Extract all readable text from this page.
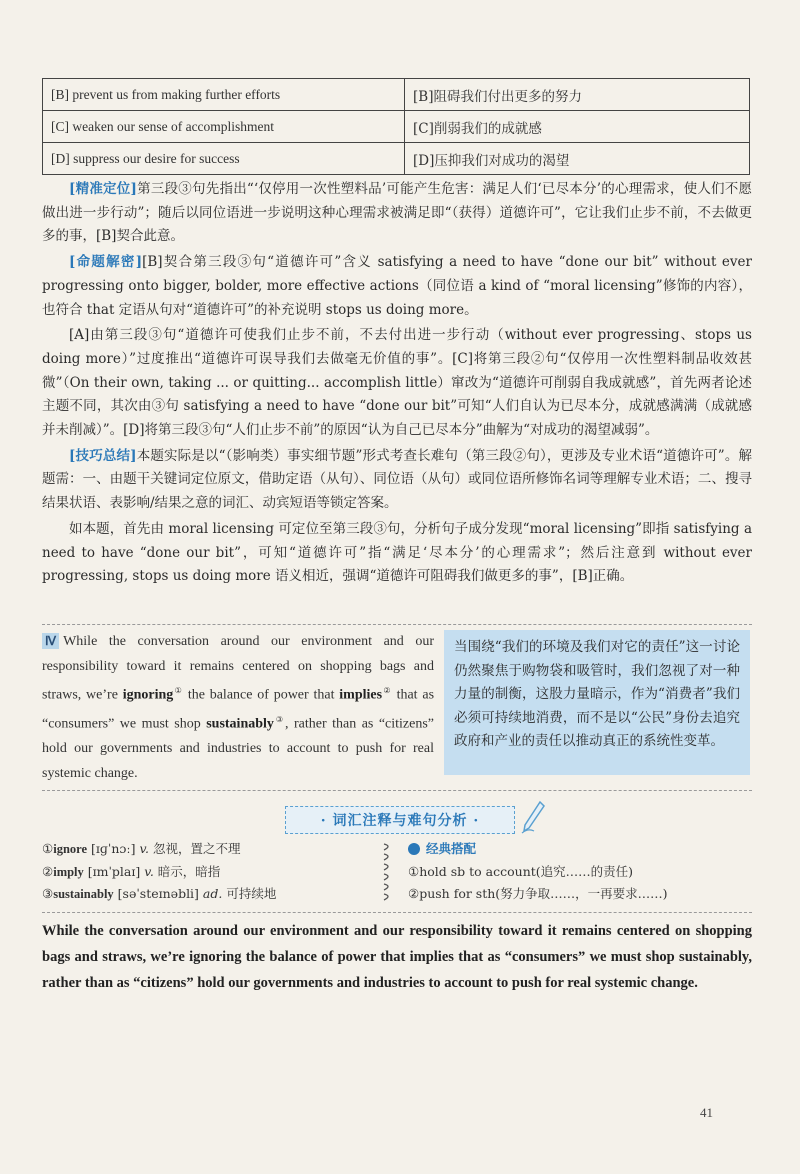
[B] prevent us from making further efforts	[B]阻碍我们付出更多的努力
[C] weaken our sense of accomplishment	[C]削弱我们的成就感
[D] suppress our desire for success	[D]压抑我们对成功的渴望

[精准定位]第三段③句先指出“‘仅停用一次性塑料品’可能产生危害：满足人们‘已尽本分’的心理需求，使人们不愿做出进一步行动”；随后以同位语进一步说明这种心理需求被满足即“（获得）道德许可”，它让我们止步不前，不去做更多的事，[B]契合此意。

[命题解密][B]契合第三段③句“道德许可”含义 satisfying a need to have “done our bit” without ever progressing onto bigger, bolder, more effective actions（同位语 a kind of “moral licensing”修饰的内容），也符合 that 定语从句对“道德许可”的补充说明 stops us doing more。

[A]由第三段③句“道德许可使我们止步不前，不去付出进一步行动（without ever progressing、stops us doing more）”过度推出“道德许可误导我们去做毫无价值的事”。[C]将第三段②句“仅停用一次性塑料制品收效甚微”（On their own, taking ... or quitting... accomplish little）窜改为“道德许可削弱自我成就感”，首先两者论述主题不同，其次由③句 satisfying a need to have “done our bit”可知“人们自认为已尽本分，成就感满满（成就感并未削减）”。[D]将第三段③句“人们止步不前”的原因“认为自己已尽本分”曲解为“对成功的渴望减弱”。

[技巧总结]本题实际是以“（影响类）事实细节题”形式考查长难句（第三段②句），更涉及专业术语“道德许可”。解题需：一、由题干关键词定位原文，借助定语（从句）、同位语（从句）或同位语所修饰名词等理解专业术语；二、搜寻结果状语、表影响/结果之意的词汇、动宾短语等锁定答案。

如本题，首先由 moral licensing 可定位至第三段③句，分析句子成分发现“moral licensing”即指 satisfying a need to have “done our bit”，可知“道德许可”指“满足‘尽本分’的心理需求”；然后注意到 without ever progressing, stops us doing more 语义相近，强调“道德许可阻碍我们做更多的事”，[B]正确。

Ⅳ While the conversation around our environment and our responsibility toward it remains centered on shopping bags and straws, we’re ignoring① the balance of power that implies② that as “consumers” we must shop sustainably③, rather than as “citizens” hold our governments and industries to account to push for real systemic change.
当围绕“我们的环境及我们对它的责任”这一讨论仍然聚焦于购物袋和吸管时，我们忽视了对一种力量的制衡，这股力量暗示，作为“消费者”我们必须可持续地消费，而不是以“公民”身份去追究政府和产业的责任以推动真正的系统性变革。
· 词汇注释与难句分析 ·
①ignore [ɪɡˈnɔː] v. 忽视，置之不理
②imply [ɪmˈplaɪ] v. 暗示，暗指
③sustainably [səˈsteɪnəbli] ad. 可持续地
经典搭配
①hold sb to account(追究……的责任)
②push for sth(努力争取……，一再要求……)
While the conversation around our environment and our responsibility toward it remains centered on shopping bags and straws, we’re ignoring the balance of power that implies that as “consumers” we must shop sustainably, rather than as “citizens” hold our governments and industries to account to push for real systemic change.
41
